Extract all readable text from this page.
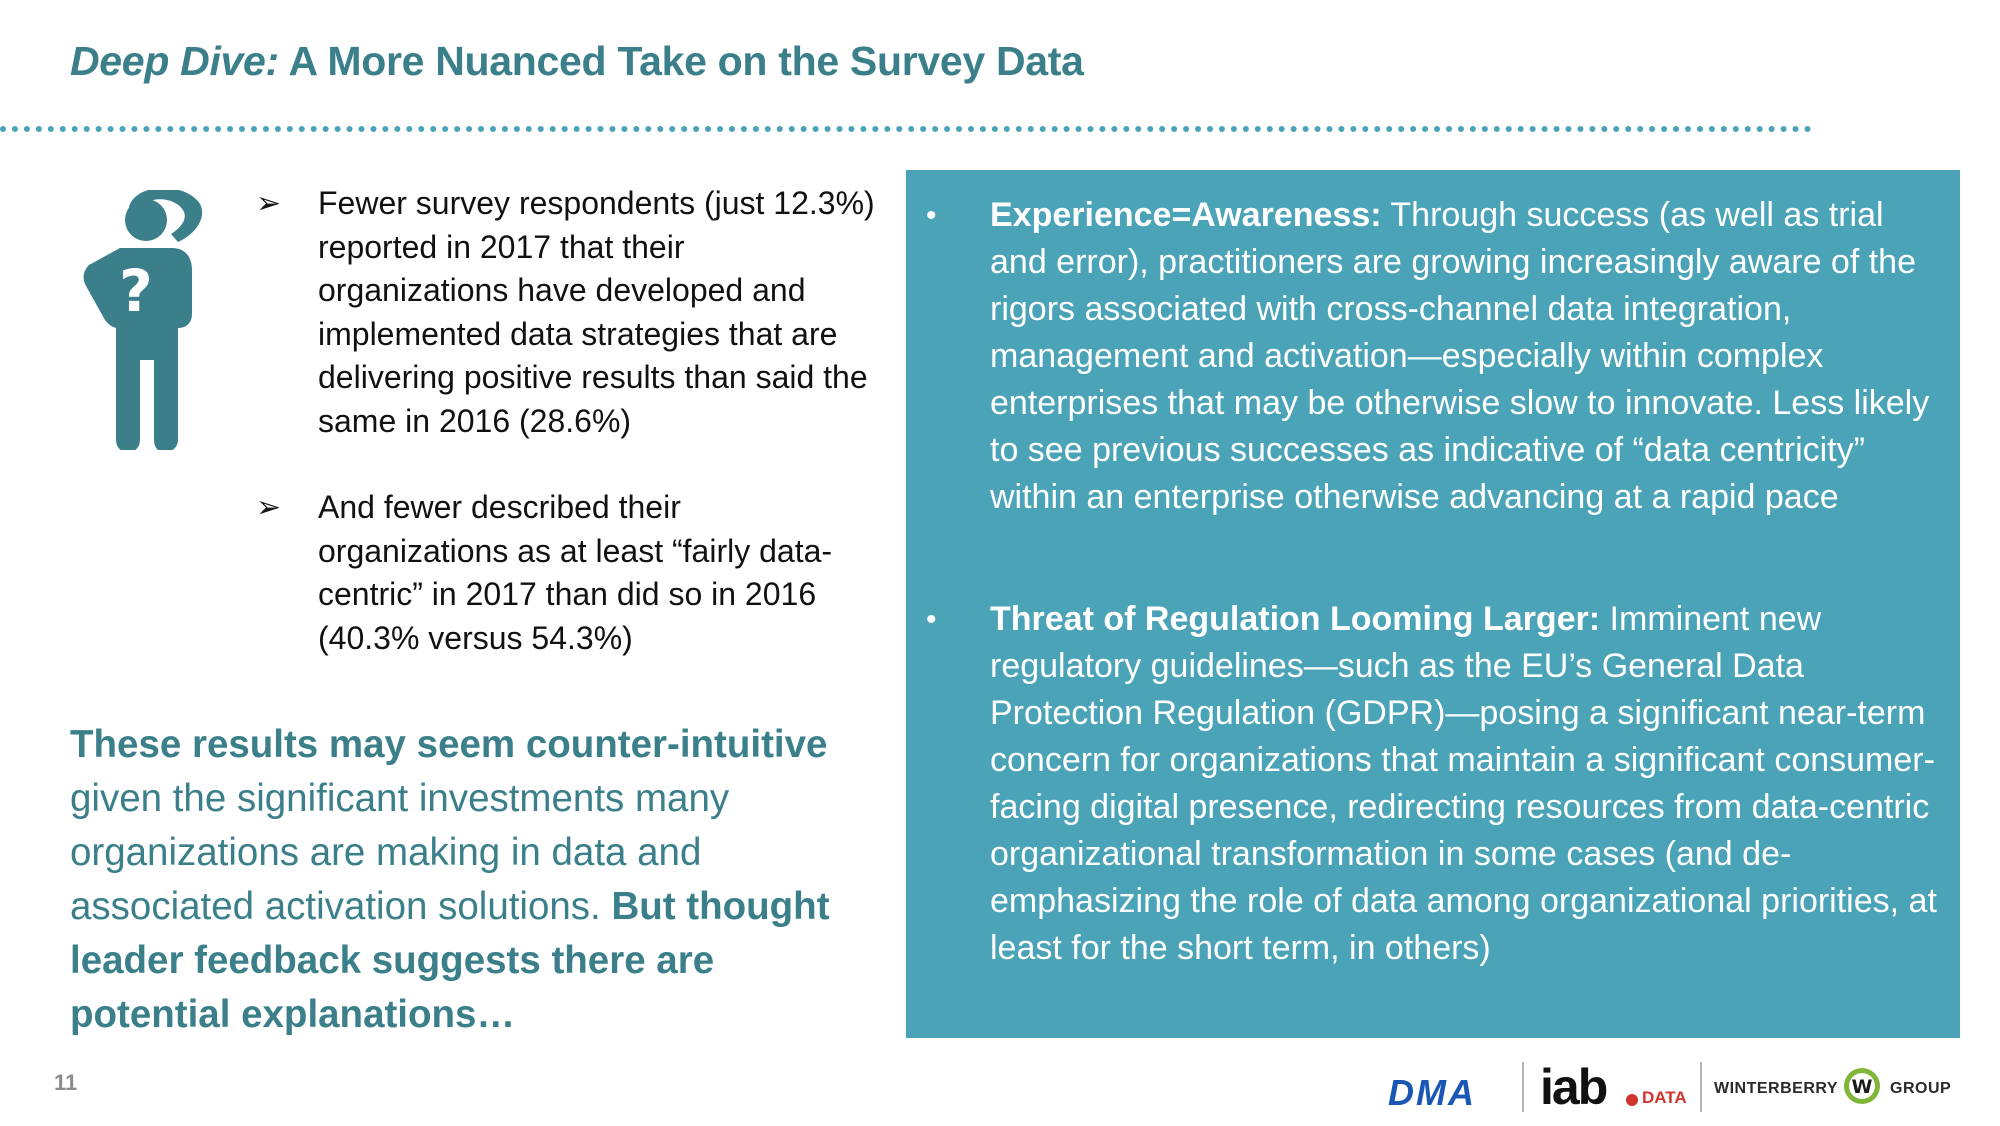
Deep Dive: A More Nuanced Take on the Survey Data
?
➢ Fewer survey respondents (just 12.3%) reported in 2017 that their organizations have developed and implemented data strategies that are delivering positive results than said the same in 2016 (28.6%)
➢ And fewer described their organizations as at least “fairly data-centric” in 2017 than did so in 2016 (40.3% versus 54.3%)
These results may seem counter-intuitive given the significant investments many organizations are making in data and associated activation solutions. But thought leader feedback suggests there are potential explanations…
• Experience=Awareness: Through success (as well as trial and error), practitioners are growing increasingly aware of the rigors associated with cross-channel data integration, management and activation—especially within complex enterprises that may be otherwise slow to innovate. Less likely to see previous successes as indicative of “data centricity” within an enterprise otherwise advancing at a rapid pace
• Threat of Regulation Looming Larger: Imminent new regulatory guidelines—such as the EU’s General Data Protection Regulation (GDPR)—posing a significant near-term concern for organizations that maintain a significant consumer-facing digital presence, redirecting resources from data-centric organizational transformation in some cases (and de-emphasizing the role of data among organizational priorities, at least for the short term, in others)
11	DMA iab DATA WINTERBERRY W GROUP
